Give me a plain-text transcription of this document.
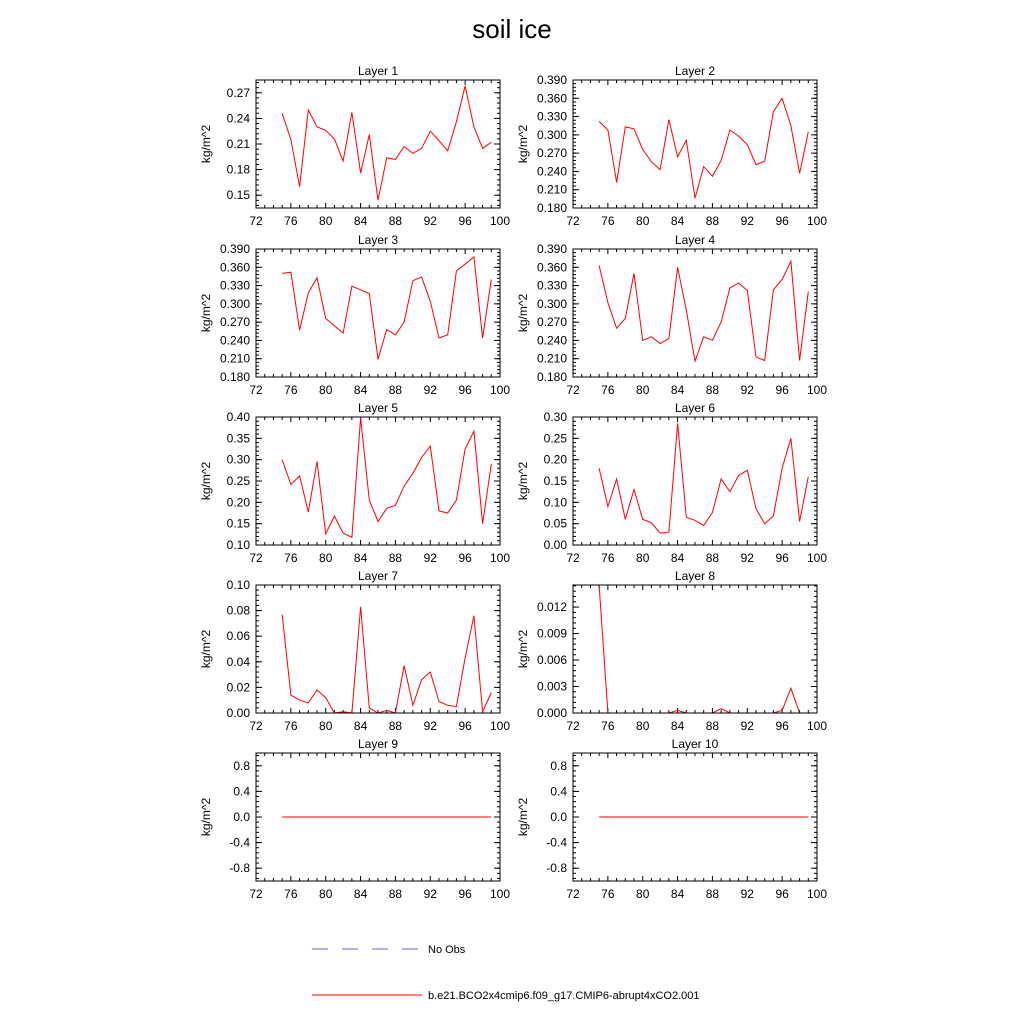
soil ice
Layer 1
kg/m^2
72 76 80 84 88 92 96 100
0.15
0.18
0.21
0.24
0.27
Layer 2
kg/m^2
72 76 80 84 88 92 96 100
0.180
0.210
0.240
0.270
0.300
0.330
0.360
0.390
Layer 3
kg/m^2
72 76 80 84 88 92 96 100
0.180
0.210
0.240
0.270
0.300
0.330
0.360
0.390
Layer 4
kg/m^2
72 76 80 84 88 92 96 100
0.180
0.210
0.240
0.270
0.300
0.330
0.360
0.390
Layer 5
kg/m^2
72 76 80 84 88 92 96 100
0.10
0.15
0.20
0.25
0.30
0.35
0.40
Layer 6
kg/m^2
72 76 80 84 88 92 96 100
0.00
0.05
0.10
0.15
0.20
0.25
0.30
Layer 7
kg/m^2
72 76 80 84 88 92 96 100
0.00
0.02
0.04
0.06
0.08
0.10
Layer 8
kg/m^2
72 76 80 84 88 92 96 100
0.000
0.003
0.006
0.009
0.012
Layer 9
kg/m^2
72 76 80 84 88 92 96 100
-0.8
-0.4
0.0
0.4
0.8
Layer 10
kg/m^2
72 76 80 84 88 92 96 100
-0.8
-0.4
0.0
0.4
0.8
No Obs
b.e21.BCO2x4cmip6.f09_g17.CMIP6-abrupt4xCO2.001
